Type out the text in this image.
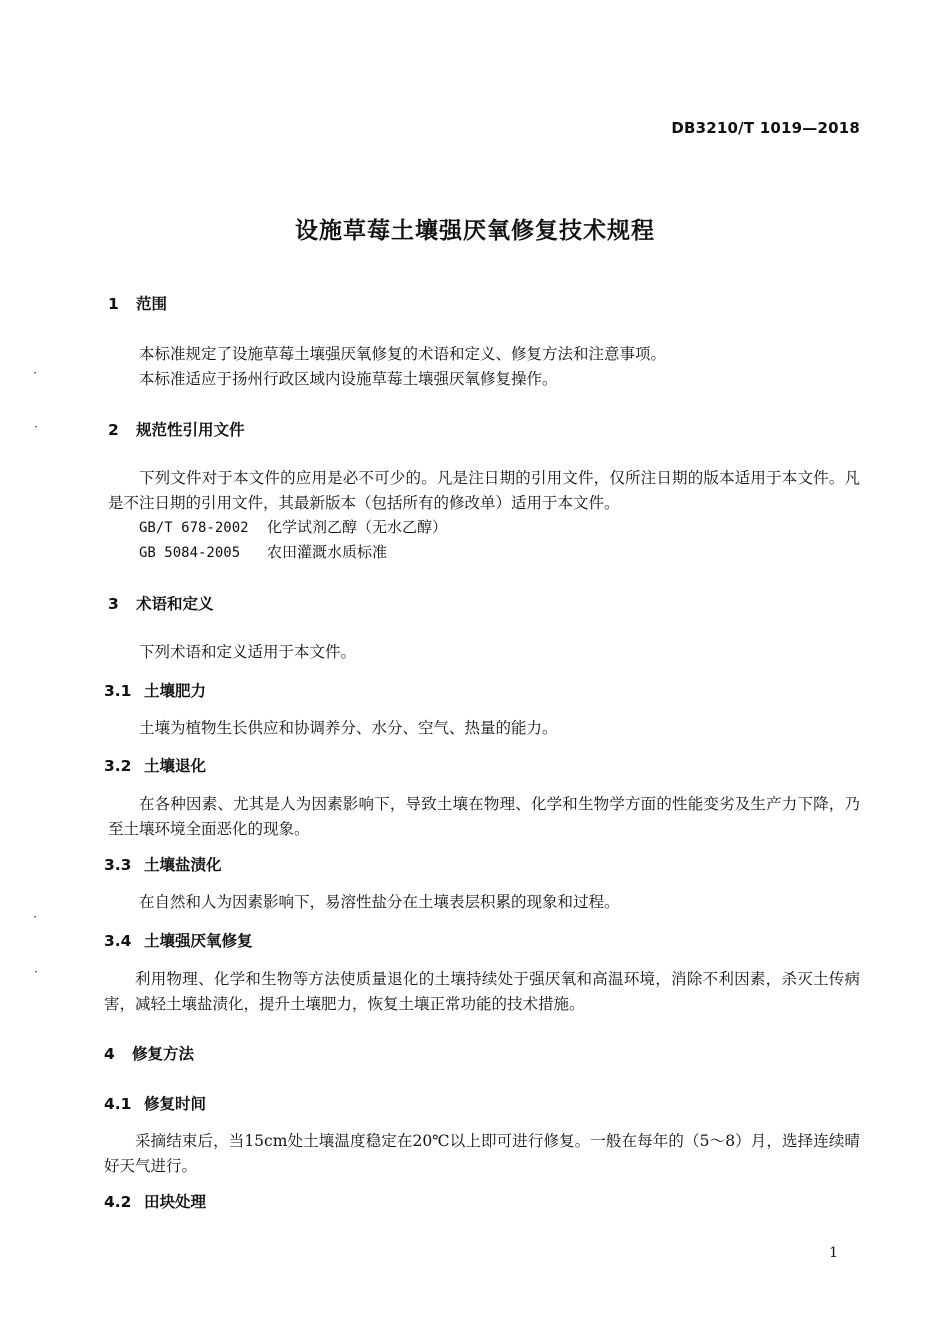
DB3210/T 1019—2018
设施草莓土壤强厌氧修复技术规程
1 范围

本标准规定了设施草莓土壤强厌氧修复的术语和定义、修复方法和注意事项。

本标准适应于扬州行政区域内设施草莓土壤强厌氧修复操作。

2 规范性引用文件

下列文件对于本文件的应用是必不可少的。凡是注日期的引用文件，仅所注日期的版本适用于本文件。凡是不注日期的引用文件，其最新版本（包括所有的修改单）适用于本文件。

GB/T 678-2002 化学试剂乙醇（无水乙醇）
GB 5084-2005 农田灌溉水质标准
3 术语和定义
下列术语和定义适用于本文件。
3.1 土壤肥力
土壤为植物生长供应和协调养分、水分、空气、热量的能力。
3.2 土壤退化

在各种因素、尤其是人为因素影响下，导致土壤在物理、化学和生物学方面的性能变劣及生产力下降，乃至土壤环境全面恶化的现象。

3.3 土壤盐渍化
在自然和人为因素影响下，易溶性盐分在土壤表层积累的现象和过程。
3.4 土壤强厌氧修复

利用物理、化学和生物等方法使质量退化的土壤持续处于强厌氧和高温环境，消除不利因素，杀灭土传病害，减轻土壤盐渍化，提升土壤肥力，恢复土壤正常功能的技术措施。

4 修复方法
4.1 修复时间

采摘结束后，当15cm处土壤温度稳定在20℃以上即可进行修复。一般在每年的（5～8）月，选择连续晴好天气进行。

4.2 田块处理
·
·
·
·
1
